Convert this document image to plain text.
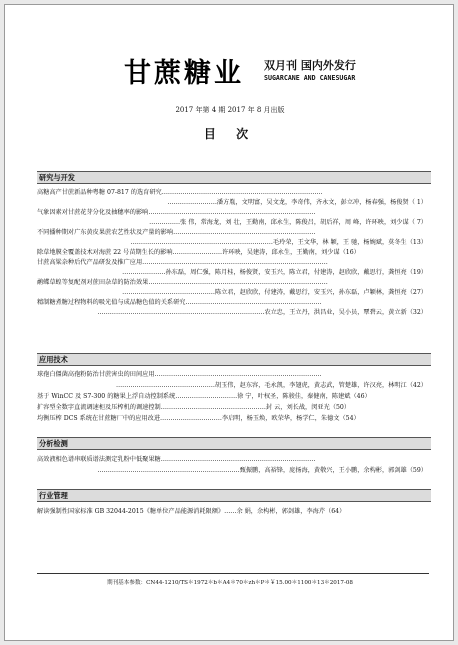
甘蔗糖业 双月刊 国内外发行
SUGARCANE AND CANESUGAR
2017 年第 4 期 2017 年 8 月出版
目 次
研究与开发
高糖高产甘蔗新品种粤糖 07-817 的选育研究……………………………………………………………………
……………………潘方胤，文明富，吴文龙，李奇伟，齐永文，彭立冲，杨春强，杨俊贤（ 1）
气象因素对甘蔗花芽分化及抽穗率的影响………………………………………………………………………
……………张 伟，常海龙，刘 壮，王勤南，邱永生，陈俊吕，胡后祥，周 峰，许环映，刘少谋（ 7）
不同播种期对广东黄皮果蔗农艺性状及产量的影响……………………………………………………………
……………………………………………………………毛玲荣，王文华，林 颖，王 驰，杨婉斌，莫冬生（13）
除草地膜全覆盖技术对海蔗 22 号苗期生长的影响……………………许环映，吴建涛，邱永生，王勤南，刘少谋（16）
甘蔗高粱杂种后代产品研发及推广应用………………………………………………………………………………
…………………孙东磊，周仁强，陈月桂，杨俊贤，安玉兴，陈立君，付建涛，赵欣欣，戴思行，龚恒亮（19）
鹬蝶草蝗等复配剂对蔗田杂草的防治效果……………………………………………………………………………
………………………………………陈立君，赵欣欣，付建涛，戴思行，安玉兴，孙东磊，卢颖林，龚恒亮（27）
精制糖煮糖过程物料的吸光值与成品糖色值的关系研究…………………………………………………………
………………………………………………………………………农立忠，王立丹，洪昌业，吴小员，覃碧云，黄立新（32）
应用技术
球孢白僵菌高孢粉防治甘蔗害虫的田间应用………………………………………………………………………
…………………………………………胡玉伟，赵东容，毛永凯，李翅虎，黄志武，管楚雄，许汉亮，林明江（42）
基于 WinCC 及 S7-300 的糖果上浮自动控制系统…………………………徐 宁，叶权圣，陈骏佳，秦健南，陈建斌（46）
扩容型全数字直流调速柜及压榨机的调速控制……………………………………………封 云，刘长战，闵亚光（50）
均衡压榨 DCS 系统在甘蔗糖厂中的应用改进…………………………李启明，杨玉焕，欧荣华，杨学仁，朱德文（54）
分析检测
高效液相色谱串联质谱法测定乳粉中低聚果糖…………………………………………………………………
……………………………………………………………甄振鹏，高裕锋，庞扬海，黄敬兴，王小鹏，余构彬，郭剑雄（59）
行业管理
解读强制性国家标准 GB 32044-2015《糖单位产品能源消耗限额》……余 娟，余构彬，郭剑雄，李海芹（64）
期刊基本参数：CN44-1210/TS＊1972＊b＊A4＊70＊zh＊P＊￥15.00＊1100＊13＊2017-08
